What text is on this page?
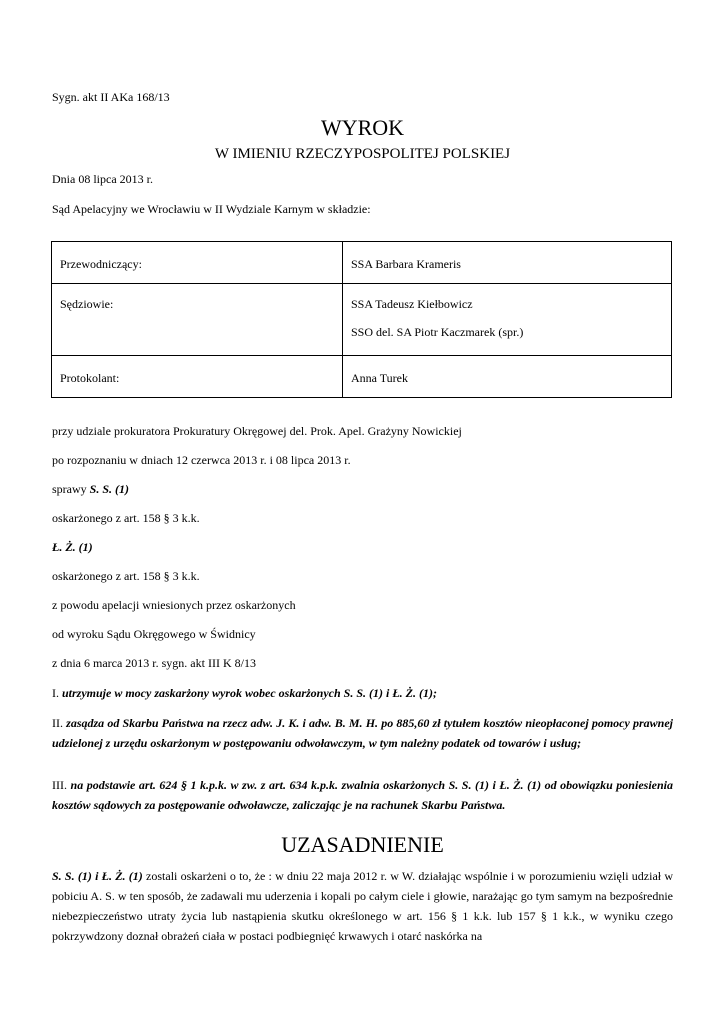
Sygn. akt II AKa 168/13
WYROK
W IMIENIU RZECZYPOSPOLITEJ POLSKIEJ
Dnia 08 lipca 2013 r.
Sąd Apelacyjny we Wrocławiu w II Wydziale Karnym w składzie:
Przewodniczący:	SSA Barbara Krameris
Sędziowie:	SSA Tadeusz Kiełbowicz
SSO del. SA Piotr Kaczmarek (spr.)

Protokolant:	Anna Turek
przy udziale prokuratora Prokuratury Okręgowej del. Prok. Apel. Grażyny Nowickiej
po rozpoznaniu w dniach 12 czerwca 2013 r. i 08 lipca 2013 r.
sprawy S. S. (1)
oskarżonego z art. 158 § 3 k.k.
Ł. Ż. (1)
oskarżonego z art. 158 § 3 k.k.
z powodu apelacji wniesionych przez oskarżonych
od wyroku Sądu Okręgowego w Świdnicy
z dnia 6 marca 2013 r. sygn. akt III K 8/13
I. utrzymuje w mocy zaskarżony wyrok wobec oskarżonych S. S. (1) i Ł. Ż. (1);
II. zasądza od Skarbu Państwa na rzecz adw. J. K. i adw. B. M. H. po 885,60 zł tytułem kosztów nieopłaconej pomocy prawnej udzielonej z urzędu oskarżonym w postępowaniu odwoławczym, w tym należny podatek od towarów i usług;
III. na podstawie art. 624 § 1 k.p.k. w zw. z art. 634 k.p.k. zwalnia oskarżonych S. S. (1) i Ł. Ż. (1) od obowiązku poniesienia kosztów sądowych za postępowanie odwoławcze, zaliczając je na rachunek Skarbu Państwa.
UZASADNIENIE
S. S. (1) i Ł. Ż. (1) zostali oskarżeni o to, że : w dniu 22 maja 2012 r. w W. działając wspólnie i w porozumieniu wzięli udział w pobiciu A. S. w ten sposób, że zadawali mu uderzenia i kopali po całym ciele i głowie, narażając go tym samym na bezpośrednie niebezpieczeństwo utraty życia lub nastąpienia skutku określonego w art. 156 § 1 k.k. lub 157 § 1 k.k., w wyniku czego pokrzywdzony doznał obrażeń ciała w postaci podbiegnięć krwawych i otarć naskórka na
